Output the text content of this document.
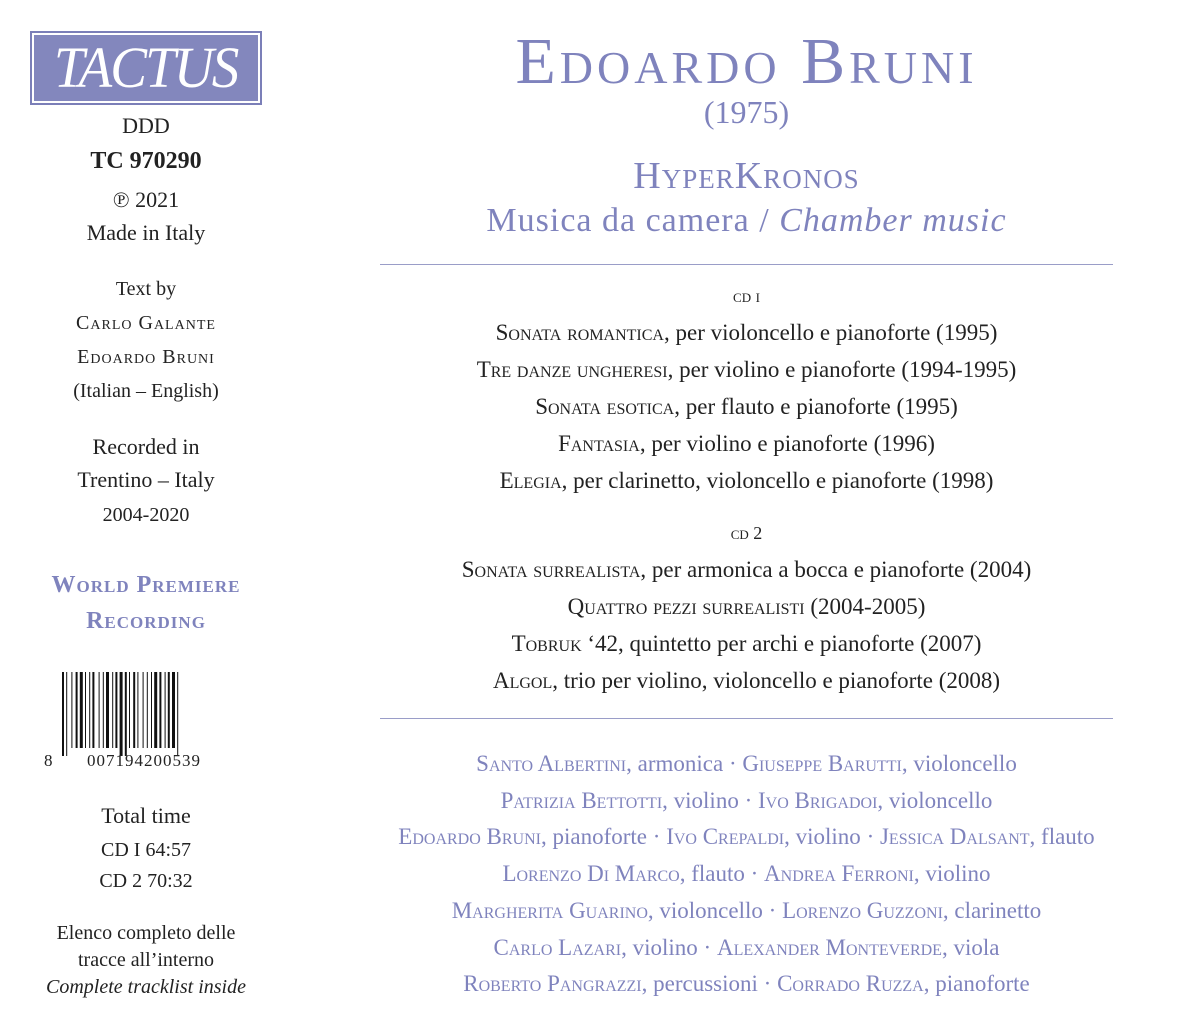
TACTUS
DDD
TC 970290
℗ 2021
Made in Italy
Text by
Carlo Galante
Edoardo Bruni
(Italian – English)
Recorded in
Trentino – Italy
2004-2020
World Premiere
Recording
8 007194200539
Total time
CD I 64:57
CD 2 70:32
Elenco completo delle
tracce all’interno
Complete tracklist inside
Edoardo Bruni
(1975)
HyperKronos
Musica da camera / Chamber music
cd i
Sonata romantica, per violoncello e pianoforte (1995)
Tre danze ungheresi, per violino e pianoforte (1994-1995)
Sonata esotica, per flauto e pianoforte (1995)
Fantasia, per violino e pianoforte (1996)
Elegia, per clarinetto, violoncello e pianoforte (1998)
cd 2
Sonata surrealista, per armonica a bocca e pianoforte (2004)
Quattro pezzi surrealisti (2004-2005)
Tobruk ‘42, quintetto per archi e pianoforte (2007)
Algol, trio per violino, violoncello e pianoforte (2008)
Santo Albertini, armonica · Giuseppe Barutti, violoncello
Patrizia Bettotti, violino · Ivo Brigadoi, violoncello
Edoardo Bruni, pianoforte · Ivo Crepaldi, violino · Jessica Dalsant, flauto
Lorenzo Di Marco, flauto · Andrea Ferroni, violino
Margherita Guarino, violoncello · Lorenzo Guzzoni, clarinetto
Carlo Lazari, violino · Alexander Monteverde, viola
Roberto Pangrazzi, percussioni · Corrado Ruzza, pianoforte
